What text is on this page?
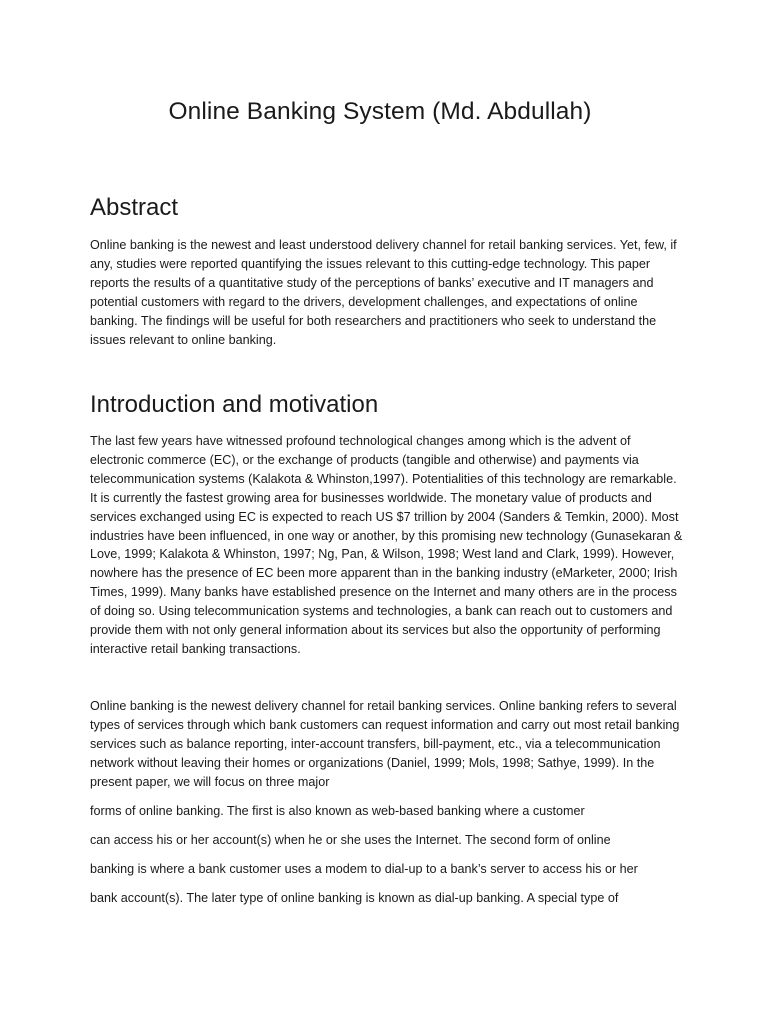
Online Banking System (Md. Abdullah)
Abstract

Online banking is the newest and least understood delivery channel for retail banking services. Yet, few, if any, studies were reported quantifying the issues relevant to this cutting-edge technology. This paper reports the results of a quantitative study of the perceptions of banks’ executive and IT managers and potential customers with regard to the drivers, development challenges, and expectations of online banking. The findings will be useful for both researchers and practitioners who seek to understand the issues relevant to online banking.

Introduction and motivation

The last few years have witnessed profound technological changes among which is the advent of electronic commerce (EC), or the exchange of products (tangible and otherwise) and payments via telecommunication systems (Kalakota & Whinston,1997). Potentialities of this technology are remarkable. It is currently the fastest growing area for businesses worldwide. The monetary value of products and services exchanged using EC is expected to reach US $7 trillion by 2004 (Sanders & Temkin, 2000). Most industries have been influenced, in one way or another, by this promising new technology (Gunasekaran & Love, 1999; Kalakota & Whinston, 1997; Ng, Pan, & Wilson, 1998; West land and Clark, 1999). However, nowhere has the presence of EC been more apparent than in the banking industry (eMarketer, 2000; Irish Times, 1999). Many banks have established presence on the Internet and many others are in the process of doing so. Using telecommunication systems and technologies, a bank can reach out to customers and provide them with not only general information about its services but also the opportunity of performing interactive retail banking transactions.

Online banking is the newest delivery channel for retail banking services. Online banking refers to several types of services through which bank customers can request information and carry out most retail banking services such as balance reporting, inter-account transfers, bill-payment, etc., via a telecommunication network without leaving their homes or organizations (Daniel, 1999; Mols, 1998; Sathye, 1999). In the present paper, we will focus on three major

forms of online banking. The first is also known as web-based banking where a customer

can access his or her account(s) when he or she uses the Internet. The second form of online

banking is where a bank customer uses a modem to dial-up to a bank’s server to access his or her

bank account(s). The later type of online banking is known as dial-up banking. A special type of
